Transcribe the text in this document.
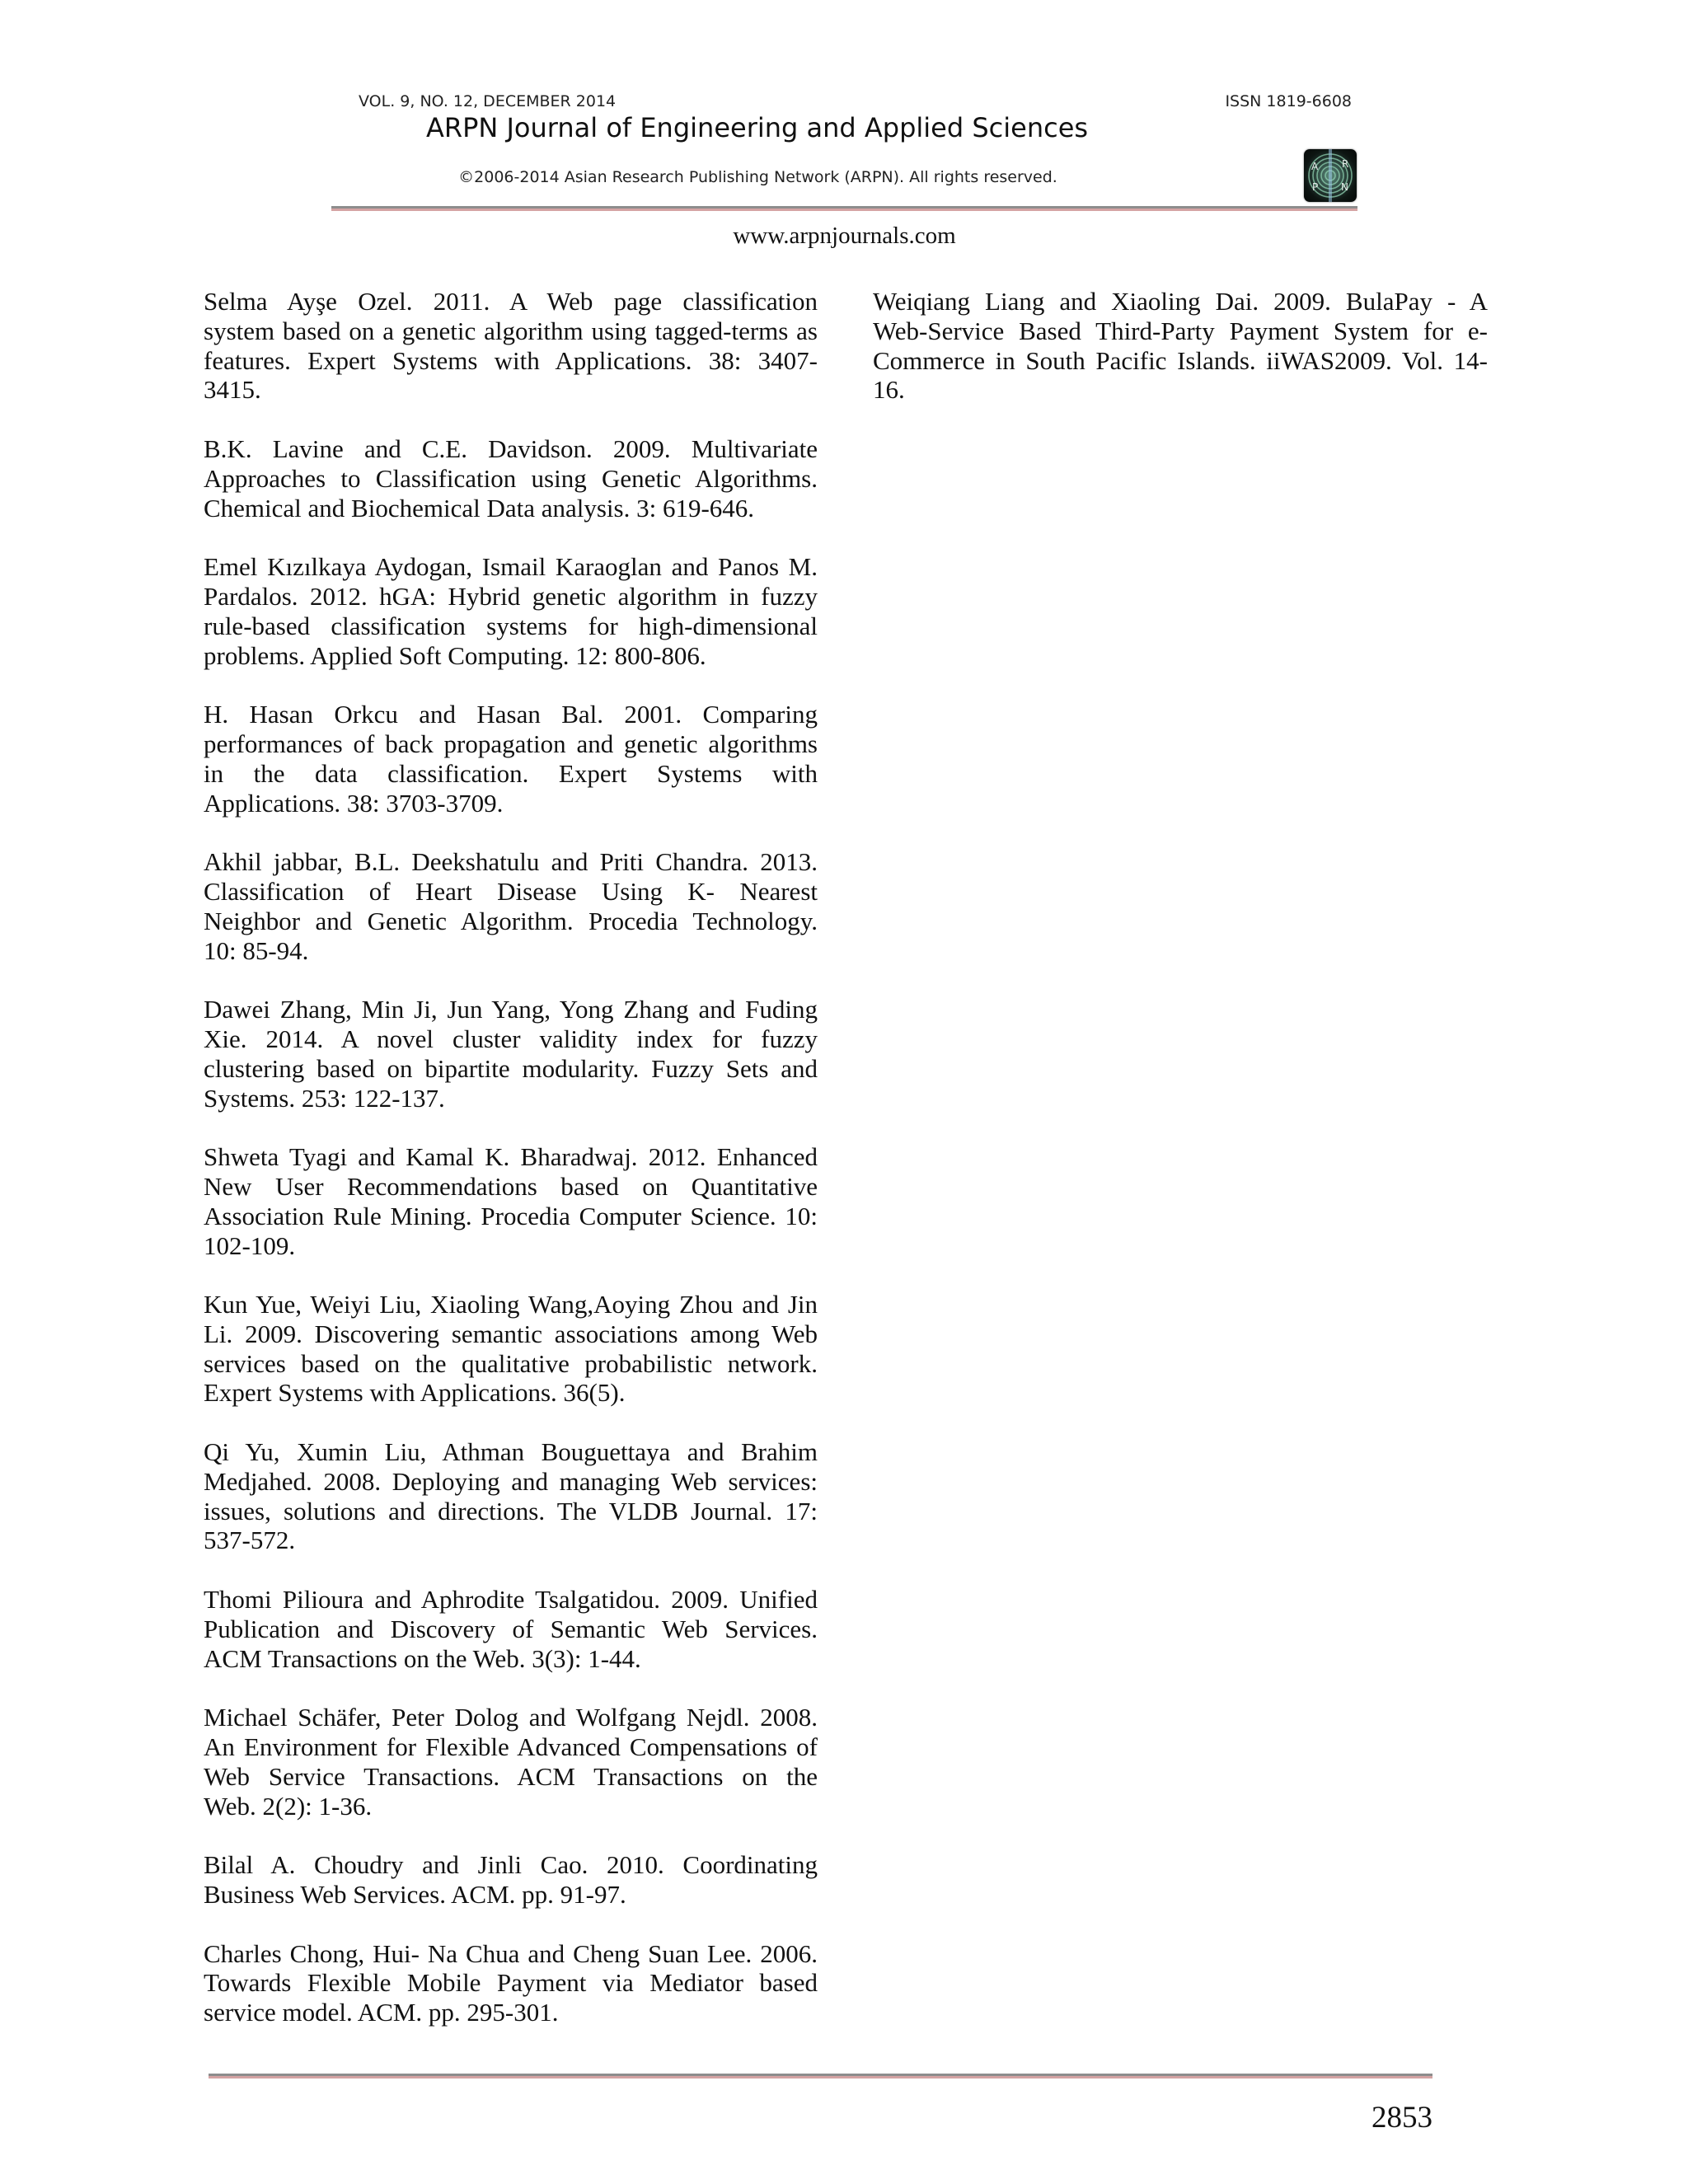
VOL. 9, NO. 12, DECEMBER 2014	ISSN 1819-6608
ARPN Journal of Engineering and Applied Sciences
©2006-2014 Asian Research Publishing Network (ARPN). All rights reserved.
A R
P N
www.arpnjournals.com
Selma Ayşe Ozel. 2011. A Web page classification
system based on a genetic algorithm using tagged-terms as
features. Expert Systems with Applications. 38: 3407-
3415.
B.K. Lavine and C.E. Davidson. 2009. Multivariate
Approaches to Classification using Genetic Algorithms.
Chemical and Biochemical Data analysis. 3: 619-646.
Emel Kızılkaya Aydogan, Ismail Karaoglan and Panos M.
Pardalos. 2012. hGA: Hybrid genetic algorithm in fuzzy
rule-based classification systems for high-dimensional
problems. Applied Soft Computing. 12: 800-806.
H. Hasan Orkcu and Hasan Bal. 2001. Comparing
performances of back propagation and genetic algorithms
in the data classification. Expert Systems with
Applications. 38: 3703-3709.
Akhil jabbar, B.L. Deekshatulu and Priti Chandra. 2013.
Classification of Heart Disease Using K- Nearest
Neighbor and Genetic Algorithm. Procedia Technology.
10: 85-94.
Dawei Zhang, Min Ji, Jun Yang, Yong Zhang and Fuding
Xie. 2014. A novel cluster validity index for fuzzy
clustering based on bipartite modularity. Fuzzy Sets and
Systems. 253: 122-137.
Shweta Tyagi and Kamal K. Bharadwaj. 2012. Enhanced
New User Recommendations based on Quantitative
Association Rule Mining. Procedia Computer Science. 10:
102-109.
Kun Yue, Weiyi Liu, Xiaoling Wang,Aoying Zhou and Jin
Li. 2009. Discovering semantic associations among Web
services based on the qualitative probabilistic network.
Expert Systems with Applications. 36(5).
Qi Yu, Xumin Liu, Athman Bouguettaya and Brahim
Medjahed. 2008. Deploying and managing Web services:
issues, solutions and directions. The VLDB Journal. 17:
537-572.
Thomi Pilioura and Aphrodite Tsalgatidou. 2009. Unified
Publication and Discovery of Semantic Web Services.
ACM Transactions on the Web. 3(3): 1-44.
Michael Schäfer, Peter Dolog and Wolfgang Nejdl. 2008.
An Environment for Flexible Advanced Compensations of
Web Service Transactions. ACM Transactions on the
Web. 2(2): 1-36.
Bilal A. Choudry and Jinli Cao. 2010. Coordinating
Business Web Services. ACM. pp. 91-97.
Charles Chong, Hui- Na Chua and Cheng Suan Lee. 2006.
Towards Flexible Mobile Payment via Mediator based
service model. ACM. pp. 295-301.
Weiqiang Liang and Xiaoling Dai. 2009. BulaPay - A
Web-Service Based Third-Party Payment System for e-
Commerce in South Pacific Islands. iiWAS2009. Vol. 14-
16.
2853
